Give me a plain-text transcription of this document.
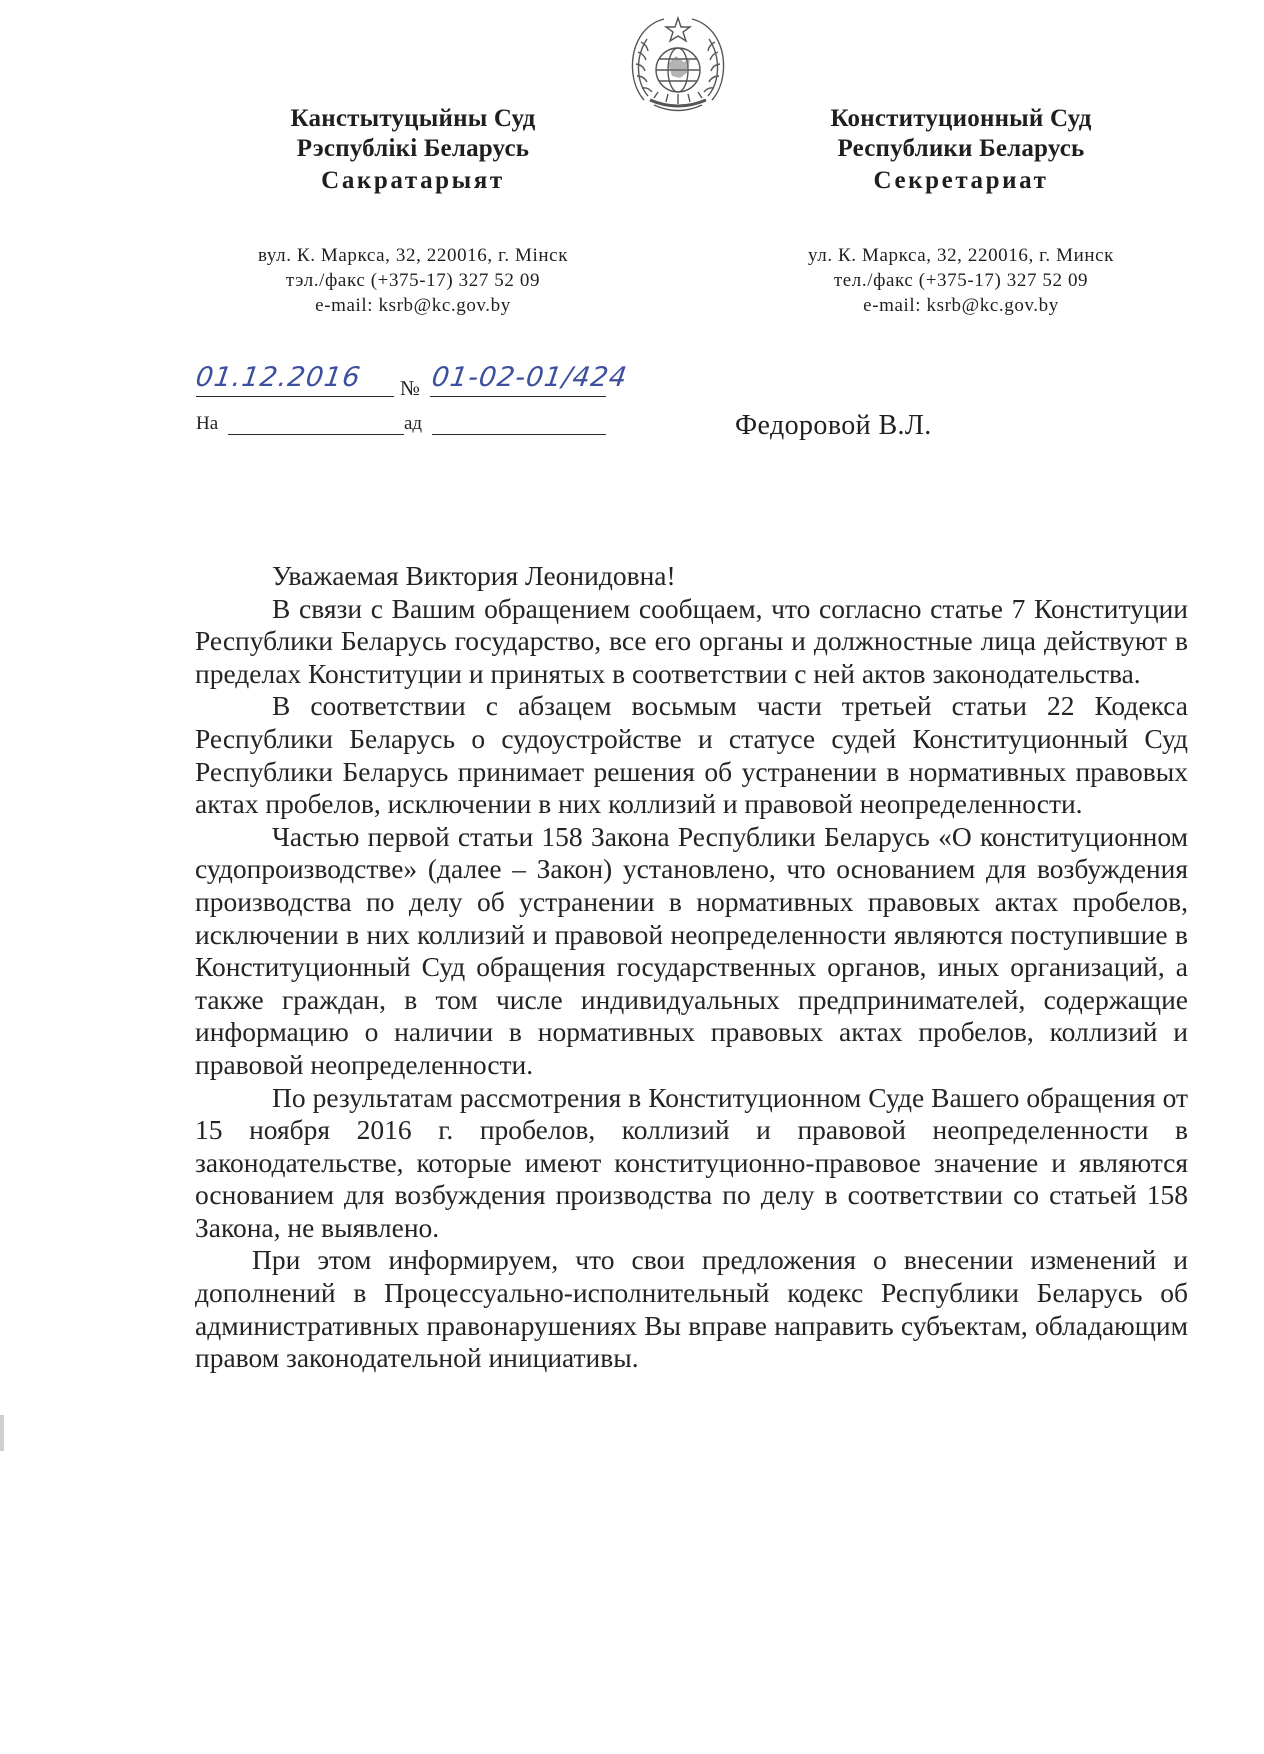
Канстытуцыйны Суд
Рэспублікі Беларусь
Сакратарыят
Конституционный Суд
Республики Беларусь
Секретариат
вул. К. Маркса, 32, 220016, г. Мінск
тэл./факс (+375-17) 327 52 09
e-mail: ksrb@kc.gov.by
ул. К. Маркса, 32, 220016, г. Минск
тел./факс (+375-17) 327 52 09
e-mail: ksrb@kc.gov.by
01.12.2016 № 01-02-01/424
На	ад	Федоровой В.Л.

Уважаемая Виктория Леонидовна!

В связи с Вашим обращением сообщаем, что согласно статье 7 Конституции Республики Беларусь государство, все его органы и должностные лица действуют в пределах Конституции и принятых в соответствии с ней актов законодательства.

В соответствии с абзацем восьмым части третьей статьи 22 Кодекса Республики Беларусь о судоустройстве и статусе судей Конституционный Суд Республики Беларусь принимает решения об устранении в нормативных правовых актах пробелов, исключении в них коллизий и правовой неопределенности.

Частью первой статьи 158 Закона Республики Беларусь «О конституционном судопроизводстве» (далее – Закон) установлено, что основанием для возбуждения производства по делу об устранении в нормативных правовых актах пробелов, исключении в них коллизий и правовой неопределенности являются поступившие в Конституционный Суд обращения государственных органов, иных организаций, а также граждан, в том числе индивидуальных предпринимателей, содержащие информацию о наличии в нормативных правовых актах пробелов, коллизий и правовой неопределенности.

По результатам рассмотрения в Конституционном Суде Вашего обращения от 15 ноября 2016 г. пробелов, коллизий и правовой неопределенности в законодательстве, которые имеют конституционно-правовое значение и являются основанием для возбуждения производства по делу в соответствии со статьей 158 Закона, не выявлено.

При этом информируем, что свои предложения о внесении изменений и дополнений в Процессуально-исполнительный кодекс Республики Беларусь об административных правонарушениях Вы вправе направить субъектам, обладающим правом законодательной инициативы.
